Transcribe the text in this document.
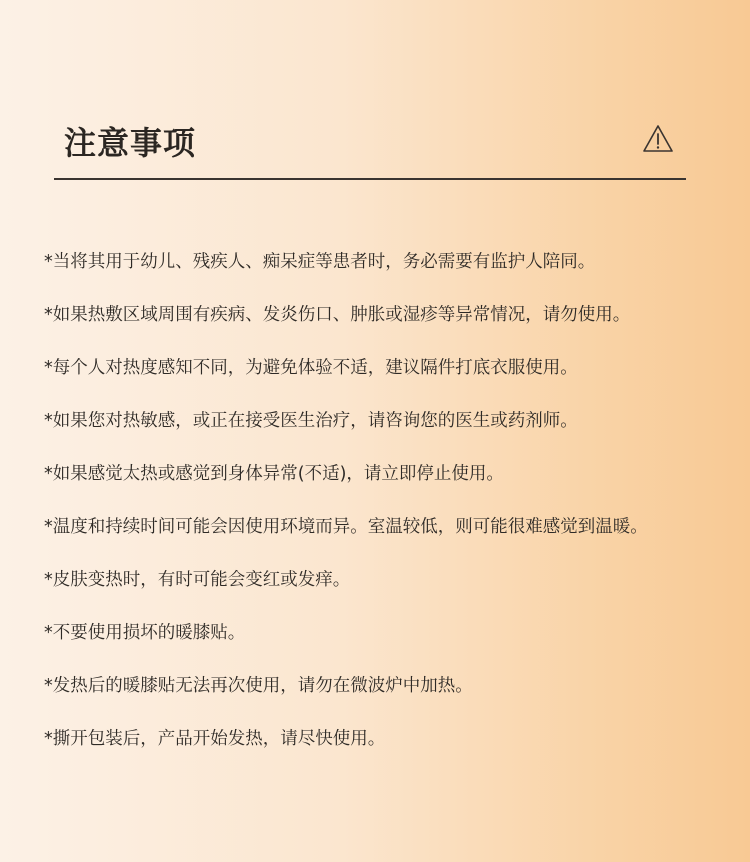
注意事项
*当将其用于幼儿、残疾人、痴呆症等患者时，务必需要有监护人陪同。
*如果热敷区域周围有疾病、发炎伤口、肿胀或湿疹等异常情况，请勿使用。
*每个人对热度感知不同，为避免体验不适，建议隔件打底衣服使用。
*如果您对热敏感，或正在接受医生治疗，请咨询您的医生或药剂师。
*如果感觉太热或感觉到身体异常(不适)，请立即停止使用。
*温度和持续时间可能会因使用环境而异。室温较低，则可能很难感觉到温暖。
*皮肤变热时，有时可能会变红或发痒。
*不要使用损坏的暖膝贴。
*发热后的暖膝贴无法再次使用，请勿在微波炉中加热。
*撕开包装后，产品开始发热，请尽快使用。
